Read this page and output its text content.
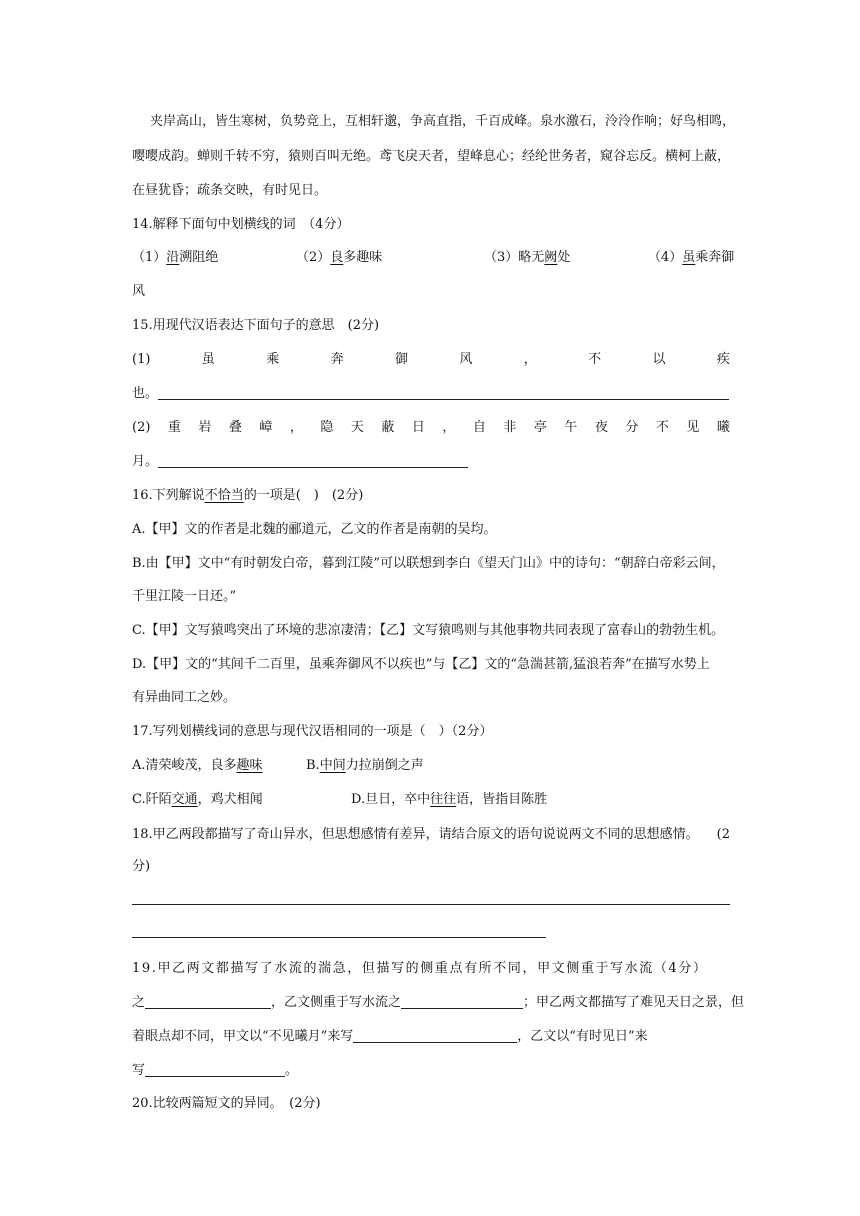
夹岸高山，皆生寒树，负势竞上，互相轩邈，争高直指，千百成峰。泉水激石，泠泠作响；好鸟相鸣，
嘤嘤成韵。蝉则千转不穷，猿则百叫无绝。鸢飞戾天者，望峰息心；经纶世务者，窥谷忘反。横柯上蔽，
在昼犹昏；疏条交映，有时见日。
14.解释下面句中划横线的词　（4分）
（1）沿溯阻绝	（2）良多趣味	（3）略无阙处	（4）虽乘奔御
风
15.用现代汉语表达下面句子的意思　(2分)
(1)	虽	乘	奔	御	风	，	不	以	疾
也。
(2) 重 岩 叠 嶂 ， 隐 天 蔽 日 ， 自 非 亭 午 夜 分 不 见 曦
月。
16.下列解说不恰当的一项是(　)　(2分)
A.【甲】文的作者是北魏的郦道元，乙文的作者是南朝的吴均。
B.由【甲】文中“有时朝发白帝，暮到江陵”可以联想到李白《望天门山》中的诗句：“朝辞白帝彩云间，
千里江陵一日还。”
C.【甲】文写猿鸣突出了环境的悲凉凄清；【乙】文写猿鸣则与其他事物共同表现了富春山的勃勃生机。
D.【甲】文的“其间千二百里，虽乘奔御风不以疾也”与【乙】文的“急湍甚箭,猛浪若奔”在描写水势上
有异曲同工之妙。
17.写列划横线词的意思与现代汉语相同的一项是（　）（2分）
A.清荣峻茂，良多趣味	B.中间力拉崩倒之声
C.阡陌交通，鸡犬相闻	D.旦日，卒中往往语，皆指目陈胜
18.甲乙两段都描写了奇山异水，但思想感情有差异，请结合原文的语句说说两文不同的思想感情。 (2
分)
19.甲乙两文都描写了水流的湍急，但描写的侧重点有所不同，甲文侧重于写水流（4分）
之	，乙文侧重于写水流之	；甲乙两文都描写了难见天日之景，但
着眼点却不同，甲文以“不见曦月”来写	，乙文以“有时见日”来
写	。
20.比较两篇短文的异同。　(2分)
